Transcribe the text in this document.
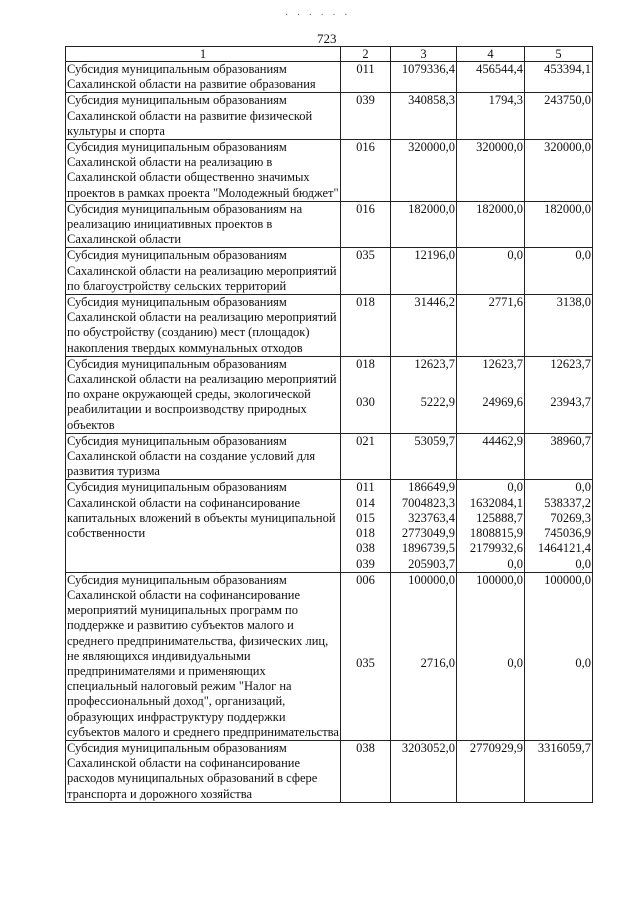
· · · · · ·
723
1	2	3	4	5
Субсидия муниципальным образованиям Сахалинской области на развитие образования	011	1079336,4	456544,4	453394,1
Субсидия муниципальным образованиям Сахалинской области на развитие физической культуры и спорта	039	340858,3	1794,3	243750,0
Субсидия муниципальным образованиям Сахалинской области на реализацию в Сахалинской области общественно значимых проектов в рамках проекта "Молодежный бюджет"	016	320000,0	320000,0	320000,0
Субсидия муниципальным образованиям на реализацию инициативных проектов в Сахалинской области	016	182000,0	182000,0	182000,0
Субсидия муниципальным образованиям Сахалинской области на реализацию мероприятий по благоустройству сельских территорий	035	12196,0	0,0	0,0
Субсидия муниципальным образованиям Сахалинской области на реализацию мероприятий по обустройству (созданию) мест (площадок) накопления твердых коммунальных отходов	018	31446,2	2771,6	3138,0
Субсидия муниципальным образованиям Сахалинской области на реализацию мероприятий по охране окружающей среды, экологической реабилитации и воспроизводству природных объектов	018	12623,7	12623,7	12623,7
	030	5222,9	24969,6	23943,7
Субсидия муниципальным образованиям Сахалинской области на создание условий для развития туризма	021	53059,7	44462,9	38960,7
Субсидия муниципальным образованиям Сахалинской области на софинансирование капитальных вложений в объекты муниципальной собственности	011	186649,9	0,0	0,0
	014	7004823,3	1632084,1	538337,2
	015	323763,4	125888,7	70269,3
	018	2773049,9	1808815,9	745036,9
	038	1896739,5	2179932,6	1464121,4
	039	205903,7	0,0	0,0
Субсидия муниципальным образованиям Сахалинской области на софинансирование мероприятий муниципальных программ по поддержке и развитию субъектов малого и среднего предпринимательства, физических лиц, не являющихся индивидуальными предпринимателями и применяющих специальный налоговый режим "Налог на профессиональный доход", организаций, образующих инфраструктуру поддержки субъектов малого и среднего предпринимательства	006	100000,0	100000,0	100000,0
	035	2716,0	0,0	0,0
Субсидия муниципальным образованиям Сахалинской области на софинансирование расходов муниципальных образований в сфере транспорта и дорожного хозяйства	038	3203052,0	2770929,9	3316059,7
